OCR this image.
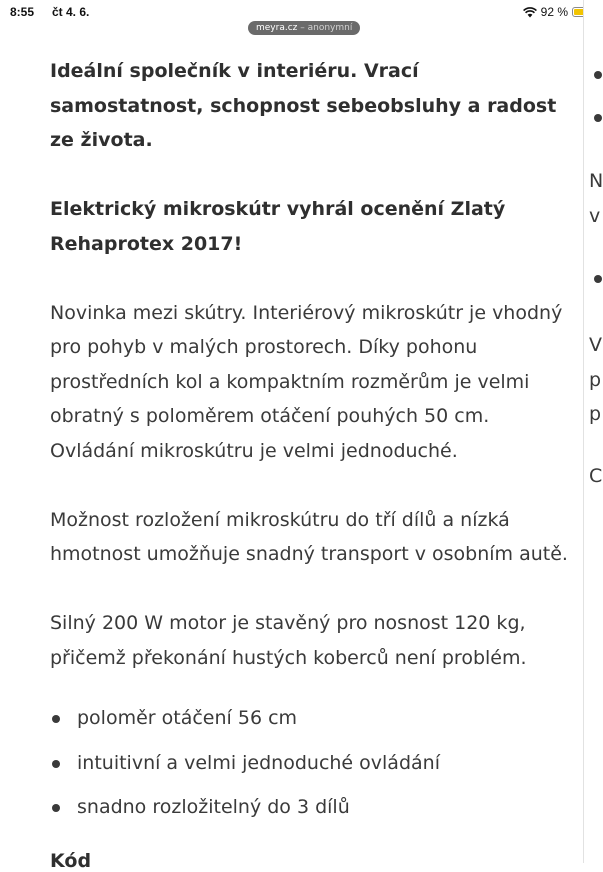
8:55 čt 4. 6.	92 %
meyra.cz – anonymní

Ideální společník v interiéru. Vrací samostatnost, schopnost sebeobsluhy a radost ze života.

Elektrický mikroskútr vyhrál ocenění Zlatý Rehaprotex 2017!

Novinka mezi skútry. Interiérový mikroskútr je vhodný pro pohyb v malých prostorech. Díky pohonu prostředních kol a kompaktním rozměrům je velmi obratný s poloměrem otáčení pouhých 50 cm. Ovládání mikroskútru je velmi jednoduché.

Možnost rozložení mikroskútru do tří dílů a nízká hmotnost umožňuje snadný transport v osobním autě.

Silný 200 W motor je stavěný pro nosnost 120 kg, přičemž překonání hustých koberců není problém.

poloměr otáčení 56 cm
intuitivní a velmi jednoduché ovládání
snadno rozložitelný do 3 dílů
Kód
N
v
V
p
p
C
